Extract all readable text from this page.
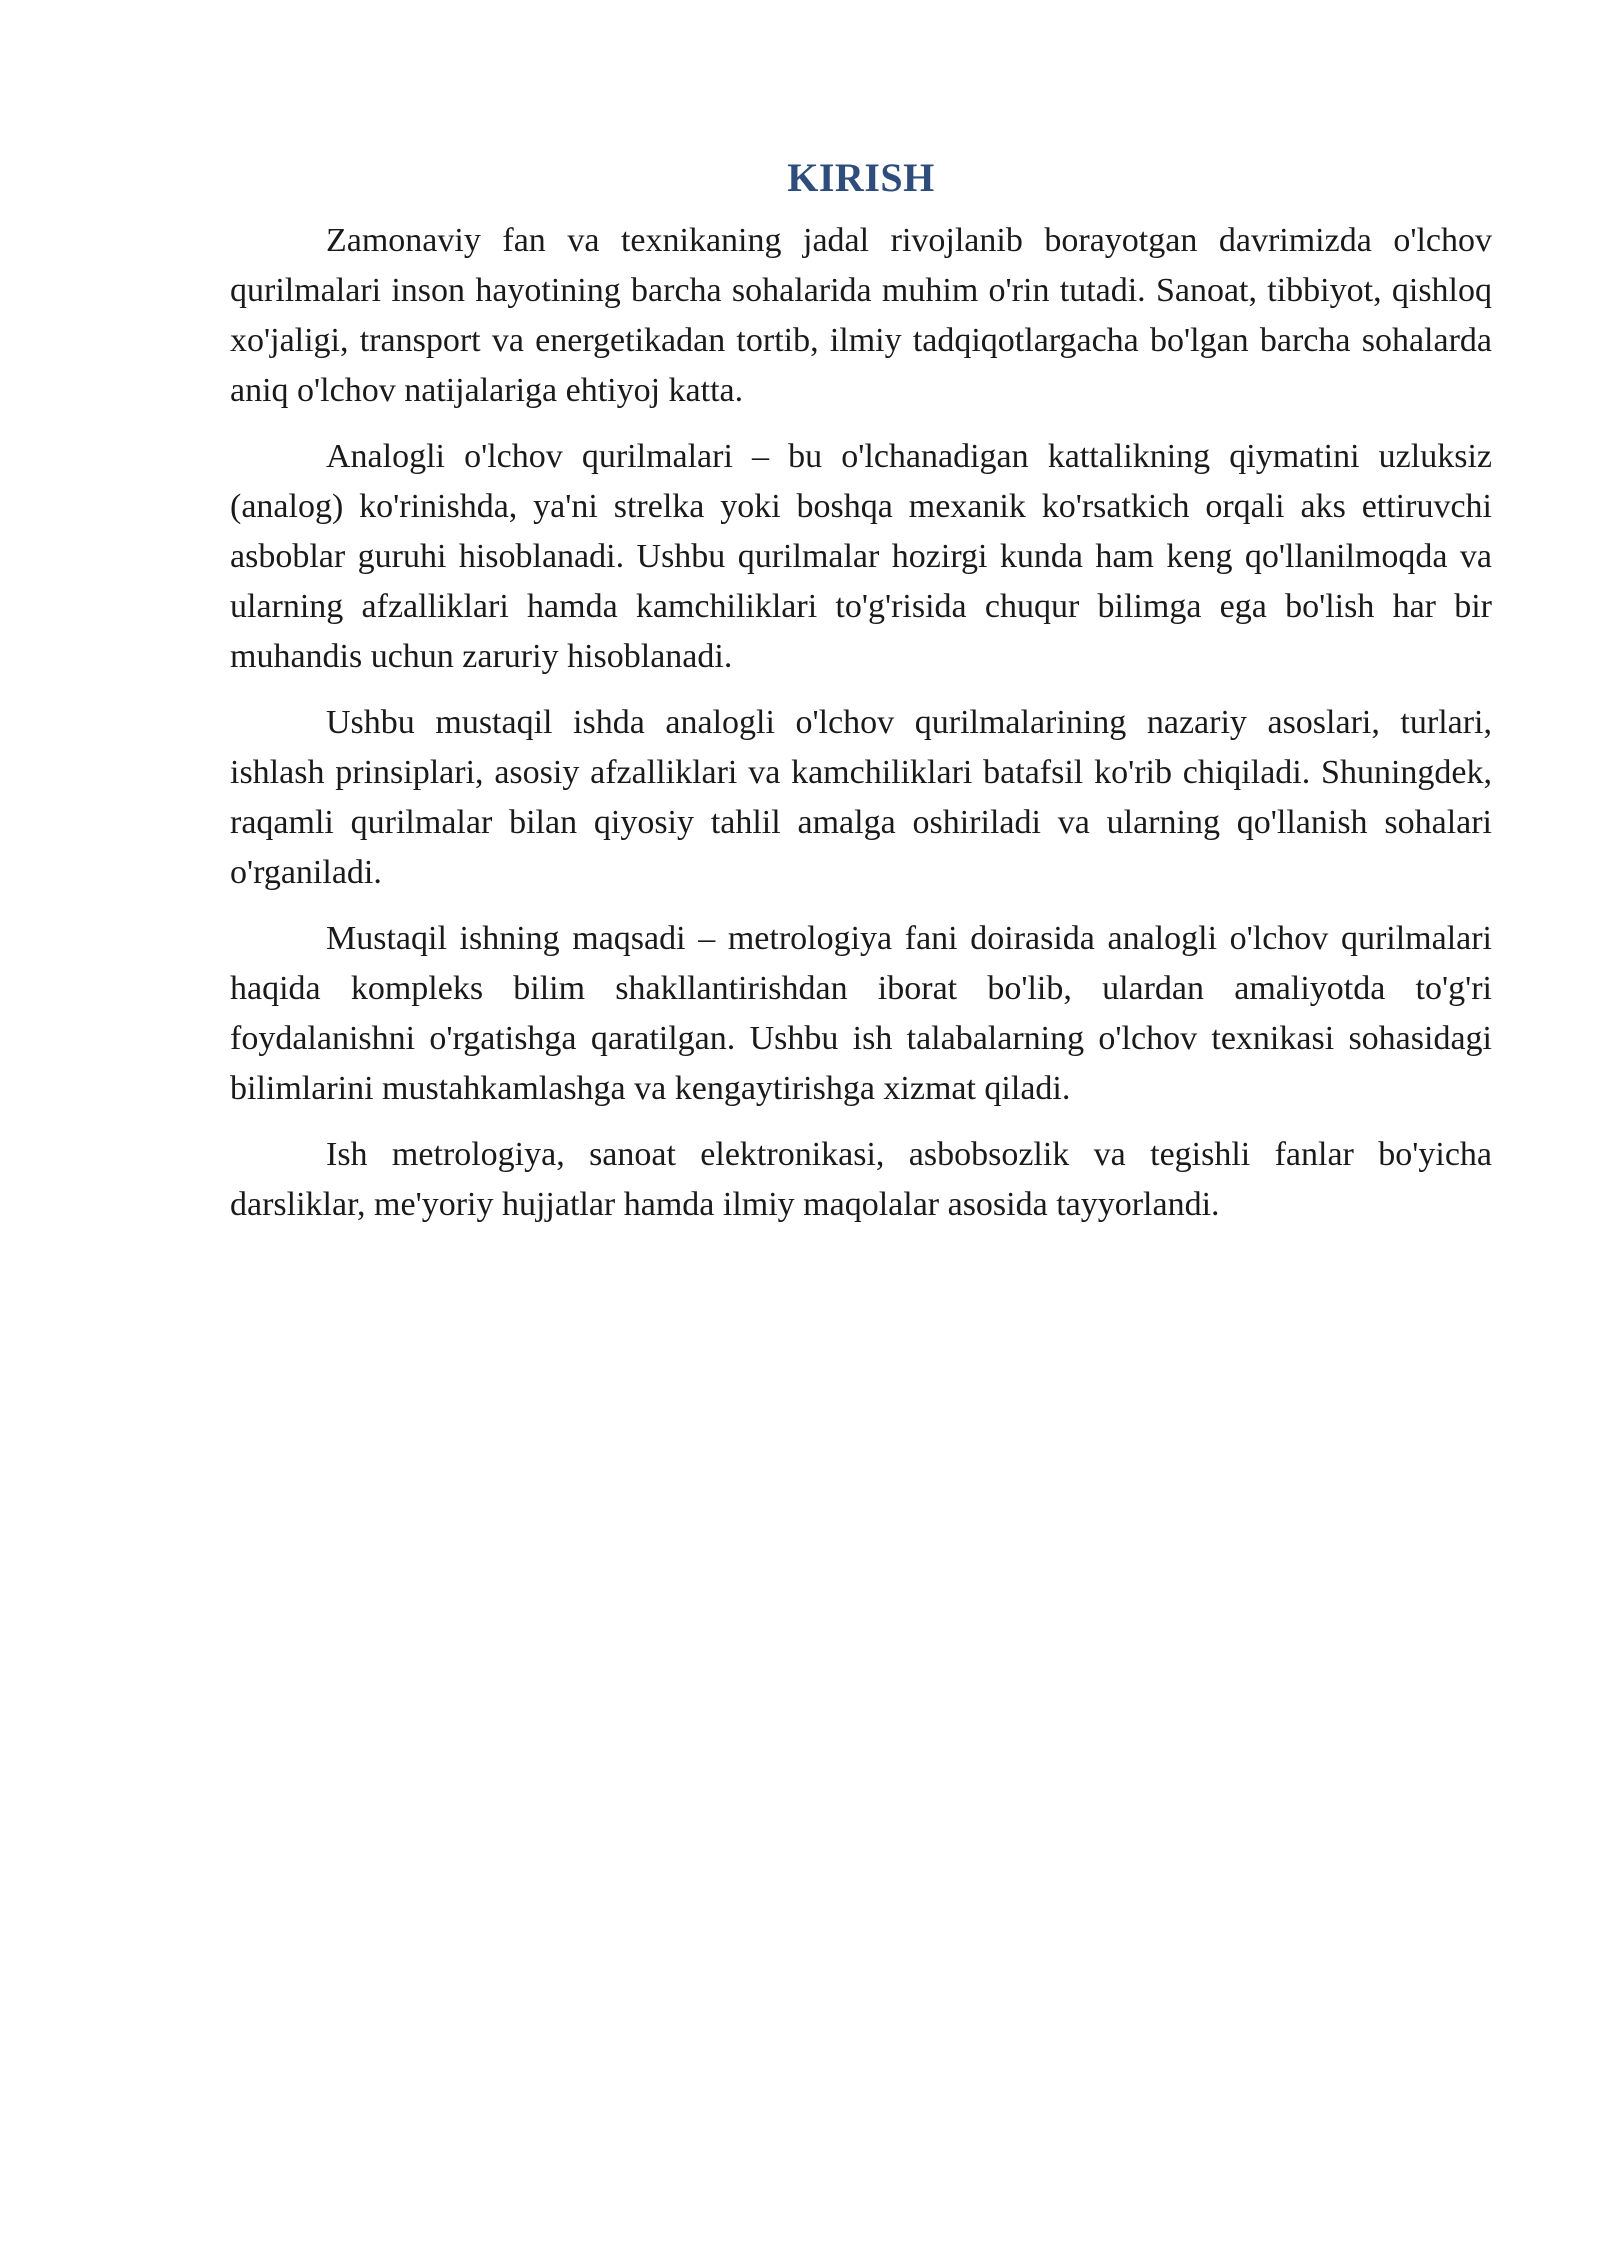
KIRISH

Zamonaviy fan va texnikaning jadal rivojlanib borayotgan davrimizda o'lchov qurilmalari inson hayotining barcha sohalarida muhim o'rin tutadi. Sanoat, tibbiyot, qishloq xo'jaligi, transport va energetikadan tortib, ilmiy tadqiqotlargacha bo'lgan barcha sohalarda aniq o'lchov natijalariga ehtiyoj katta.

Analogli o'lchov qurilmalari – bu o'lchanadigan kattalikning qiymatini uzluksiz (analog) ko'rinishda, ya'ni strelka yoki boshqa mexanik ko'rsatkich orqali aks ettiruvchi asboblar guruhi hisoblanadi. Ushbu qurilmalar hozirgi kunda ham keng qo'llanilmoqda va ularning afzalliklari hamda kamchiliklari to'g'risida chuqur bilimga ega bo'lish har bir muhandis uchun zaruriy hisoblanadi.

Ushbu mustaqil ishda analogli o'lchov qurilmalarining nazariy asoslari, turlari, ishlash prinsiplari, asosiy afzalliklari va kamchiliklari batafsil ko'rib chiqiladi. Shuningdek, raqamli qurilmalar bilan qiyosiy tahlil amalga oshiriladi va ularning qo'llanish sohalari o'rganiladi.

Mustaqil ishning maqsadi – metrologiya fani doirasida analogli o'lchov qurilmalari haqida kompleks bilim shakllantirishdan iborat bo'lib, ulardan amaliyotda to'g'ri foydalanishni o'rgatishga qaratilgan. Ushbu ish talabalarning o'lchov texnikasi sohasidagi bilimlarini mustahkamlashga va kengaytirishga xizmat qiladi.

Ish metrologiya, sanoat elektronikasi, asbobsozlik va tegishli fanlar bo'yicha darsliklar, me'yoriy hujjatlar hamda ilmiy maqolalar asosida tayyorlandi.
